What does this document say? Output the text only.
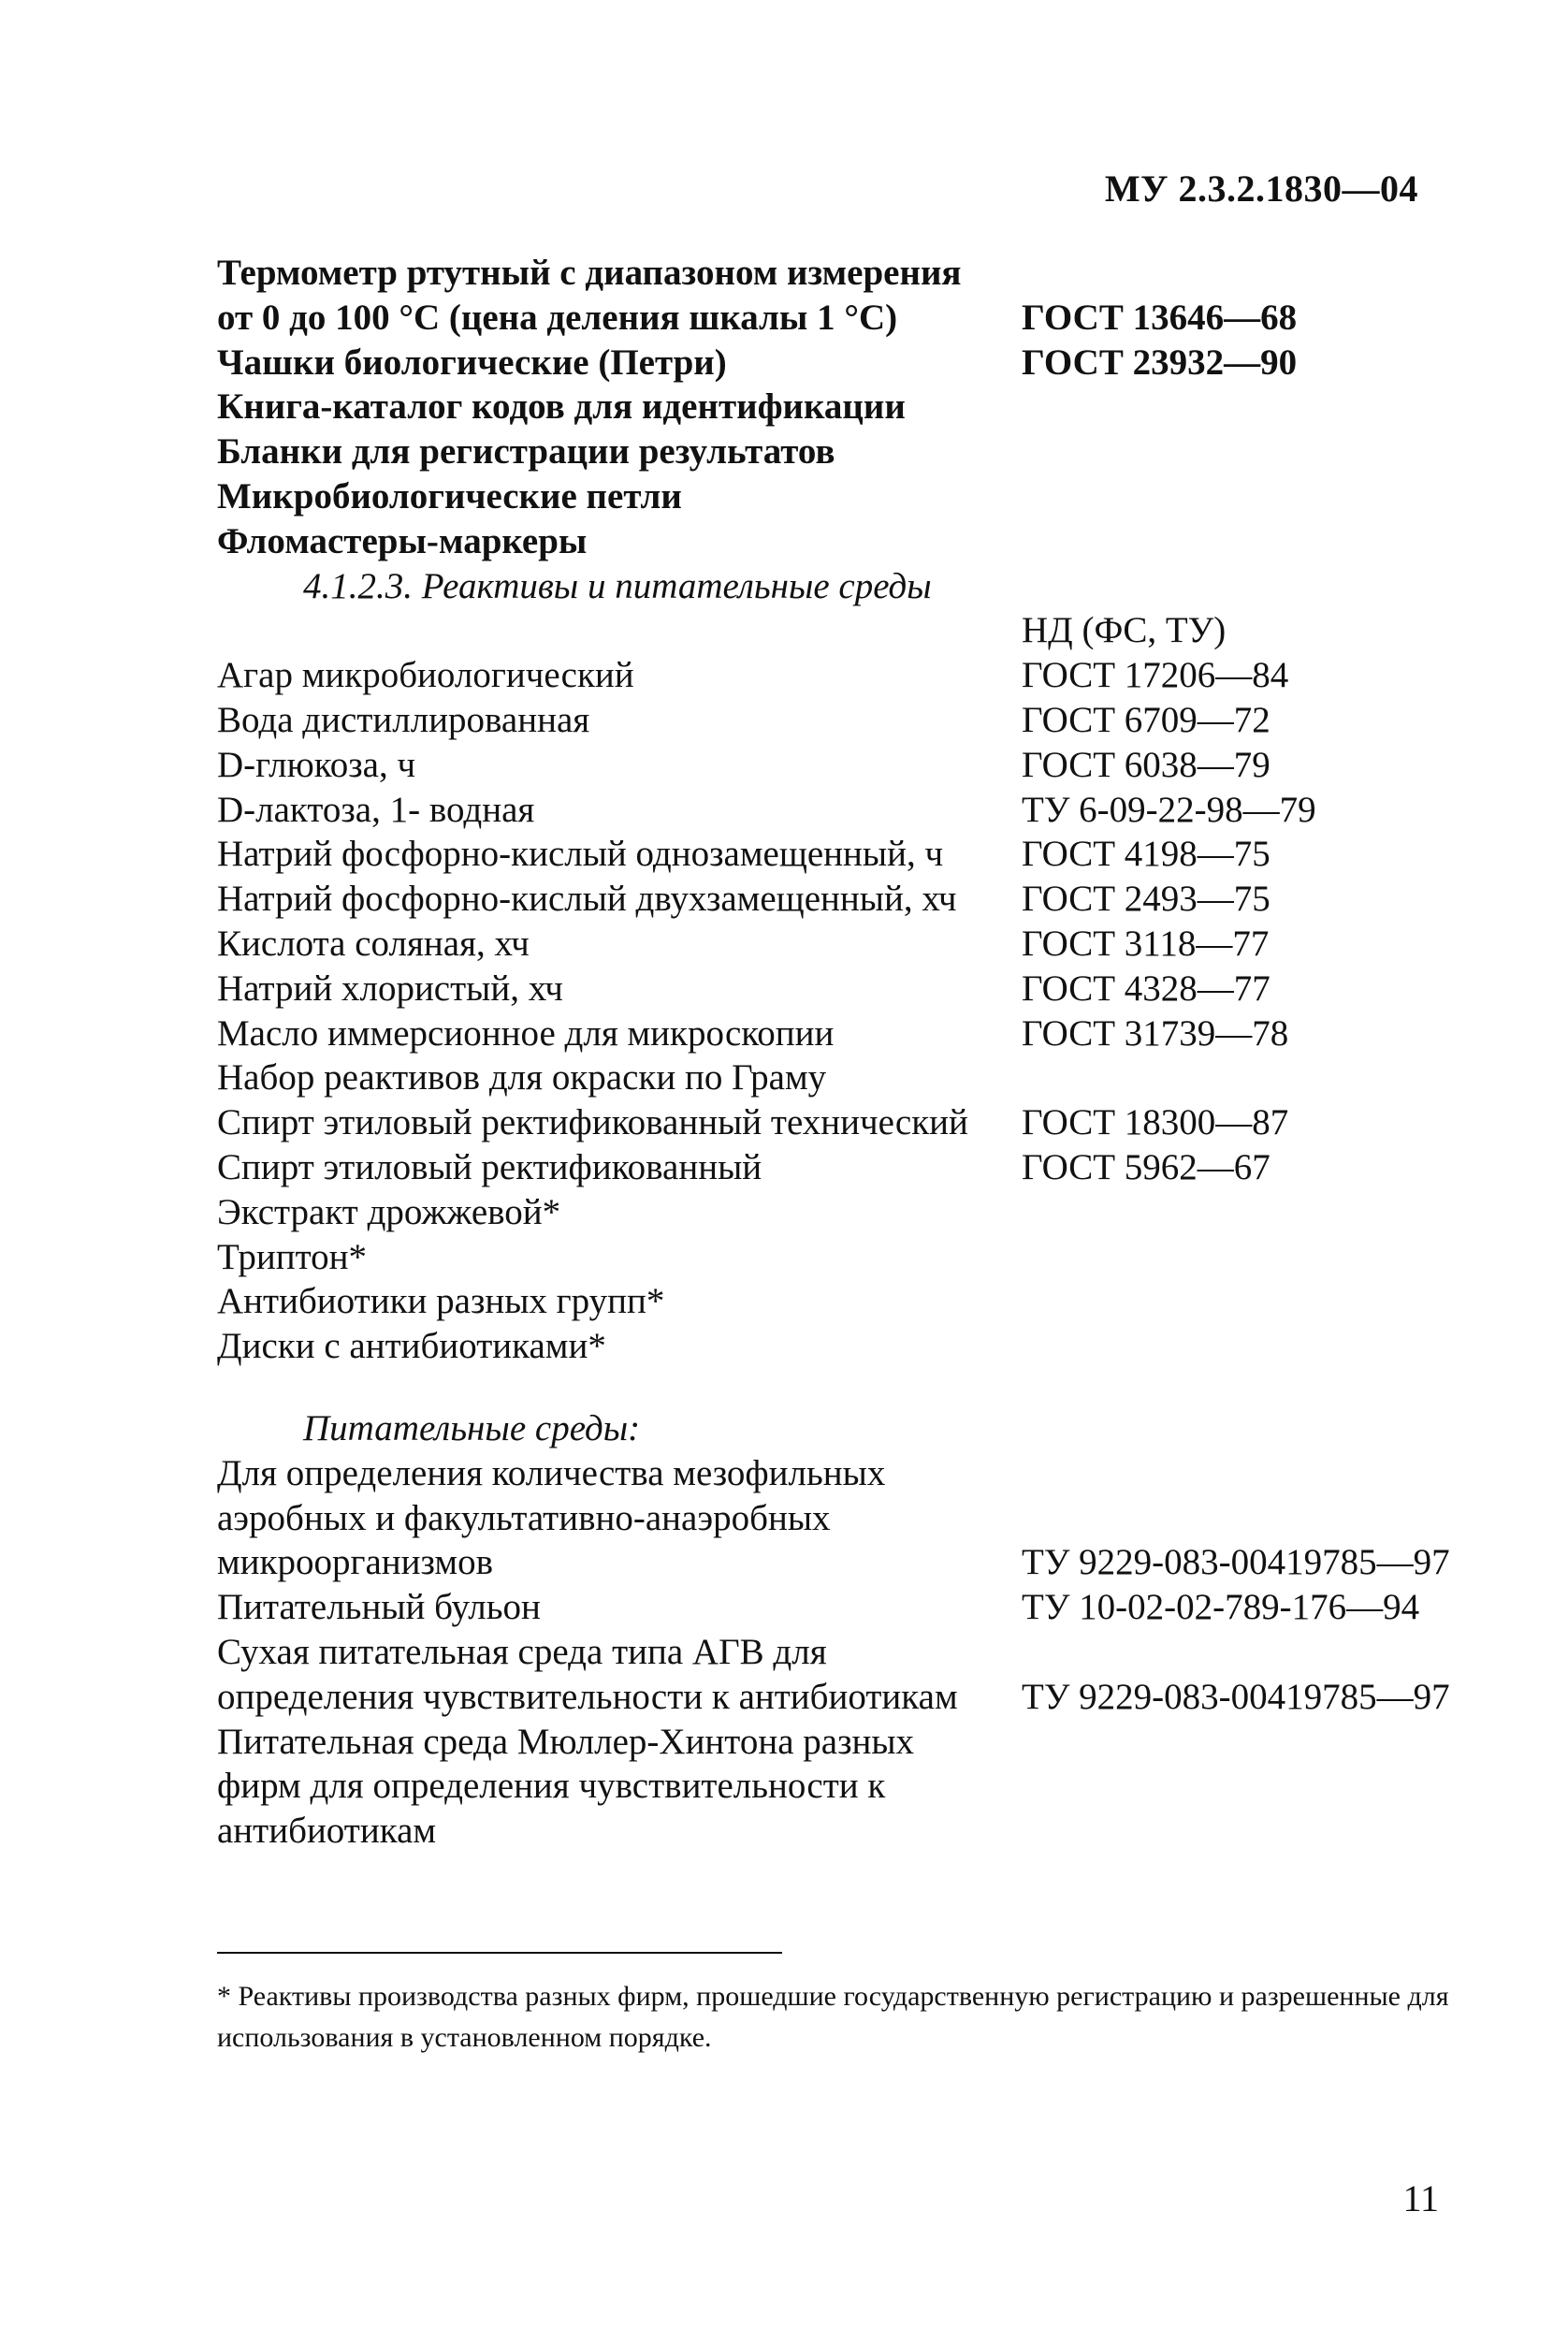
МУ 2.3.2.1830—04
Термометр ртутный с диапазоном измерения
от 0 до 100 °С (цена деления шкалы 1 °С)	ГОСТ 13646—68
Чашки биологические (Петри)	ГОСТ 23932—90
Книга-каталог кодов для идентификации
Бланки для регистрации результатов
Микробиологические петли
Фломастеры-маркеры
4.1.2.3. Реактивы и питательные среды
НД (ФС, ТУ)
Агар микробиологический	ГОСТ 17206—84
Вода дистиллированная	ГОСТ 6709—72
D-глюкоза, ч	ГОСТ 6038—79
D-лактоза, 1- водная	ТУ 6-09-22-98—79
Натрий фосфорно-кислый однозамещенный, ч	ГОСТ 4198—75
Натрий фосфорно-кислый двухзамещенный, хч	ГОСТ 2493—75
Кислота соляная, хч	ГОСТ 3118—77
Натрий хлористый, хч	ГОСТ 4328—77
Масло иммерсионное для микроскопии	ГОСТ 31739—78
Набор реактивов для окраски по Граму
Спирт этиловый ректификованный технический	ГОСТ 18300—87
Спирт этиловый ректификованный	ГОСТ 5962—67
Экстракт дрожжевой*
Триптон*
Антибиотики разных групп*
Диски с антибиотиками*
Питательные среды:
Для определения количества мезофильных
аэробных и факультативно-анаэробных
микроорганизмов	ТУ 9229-083-00419785—97
Питательный бульон	ТУ 10-02-02-789-176—94
Сухая питательная среда типа АГВ для
определения чувствительности к антибиотикам	ТУ 9229-083-00419785—97
Питательная среда Мюллер-Хинтона разных
фирм для определения чувствительности к
антибиотикам
* Реактивы производства разных фирм, прошедшие государственную регистрацию и разрешенные для использования в установленном порядке.
11
